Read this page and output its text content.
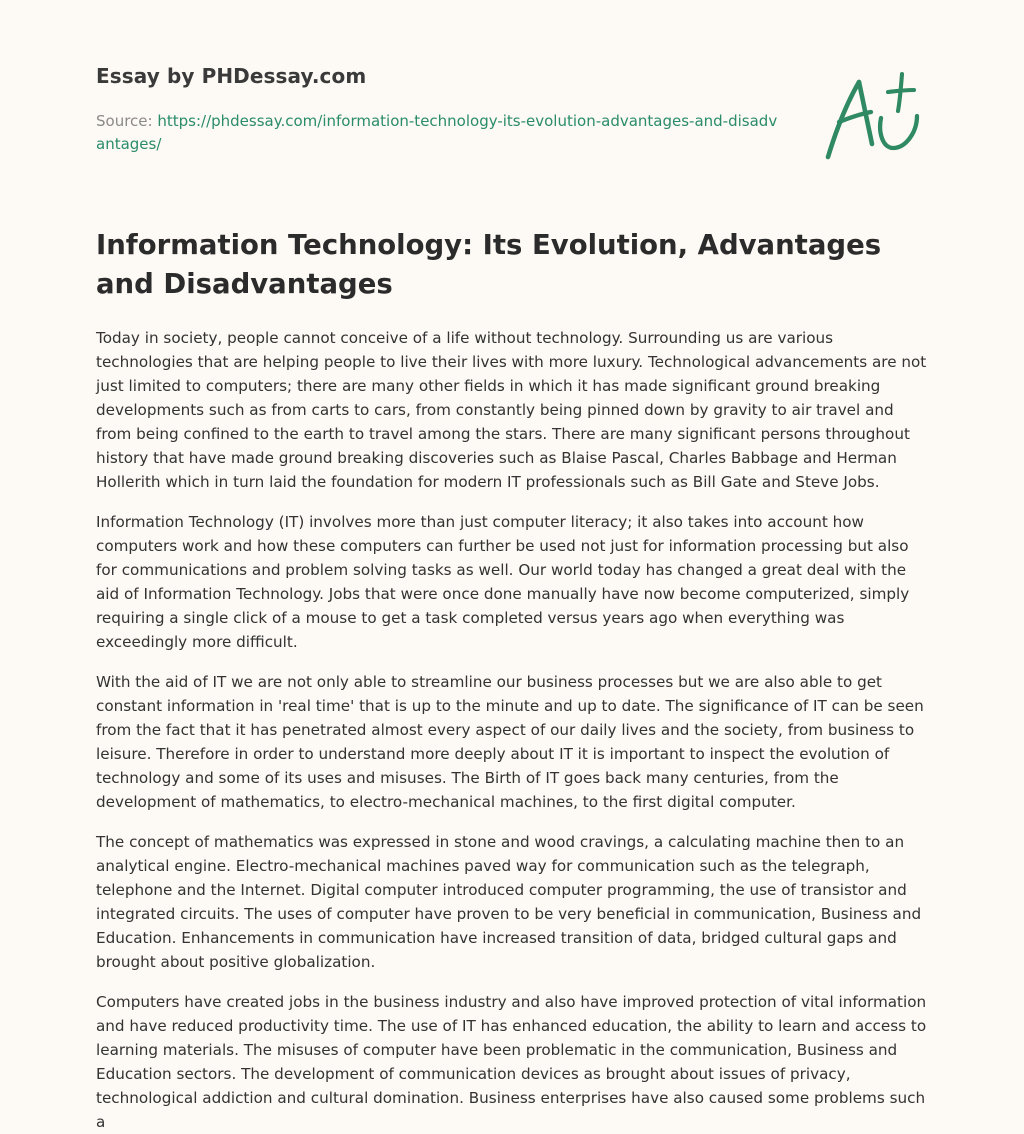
Essay by PHDessay.com
Source: https://phdessay.com/information-technology-its-evolution-advantages-and-disadvantages/
Information Technology: Its Evolution, Advantages and Disadvantages

Today in society, people cannot conceive of a life without technology. Surrounding us are various technologies that are helping people to live their lives with more luxury. Technological advancements are not just limited to computers; there are many other fields in which it has made significant ground breaking developments such as from carts to cars, from constantly being pinned down by gravity to air travel and from being confined to the earth to travel among the stars. There are many significant persons throughout history that have made ground breaking discoveries such as Blaise Pascal, Charles Babbage and Herman Hollerith which in turn laid the foundation for modern IT professionals such as Bill Gate and Steve Jobs.

Information Technology (IT) involves more than just computer literacy; it also takes into account how computers work and how these computers can further be used not just for information processing but also for communications and problem solving tasks as well. Our world today has changed a great deal with the aid of Information Technology. Jobs that were once done manually have now become computerized, simply requiring a single click of a mouse to get a task completed versus years ago when everything was exceedingly more difficult.

With the aid of IT we are not only able to streamline our business processes but we are also able to get constant information in 'real time' that is up to the minute and up to date. The significance of IT can be seen from the fact that it has penetrated almost every aspect of our daily lives and the society, from business to leisure. Therefore in order to understand more deeply about IT it is important to inspect the evolution of technology and some of its uses and misuses. The Birth of IT goes back many centuries, from the development of mathematics, to electro-mechanical machines, to the first digital computer.

The concept of mathematics was expressed in stone and wood cravings, a calculating machine then to an analytical engine. Electro-mechanical machines paved way for communication such as the telegraph, telephone and the Internet. Digital computer introduced computer programming, the use of transistor and integrated circuits. The uses of computer have proven to be very beneficial in communication, Business and Education. Enhancements in communication have increased transition of data, bridged cultural gaps and brought about positive globalization.

Computers have created jobs in the business industry and also have improved protection of vital information and have reduced productivity time. The use of IT has enhanced education, the ability to learn and access to learning materials. The misuses of computer have been problematic in the communication, Business and Education sectors. The development of communication devices as brought about issues of privacy, technological addiction and cultural domination. Business enterprises have also caused some problems such a
